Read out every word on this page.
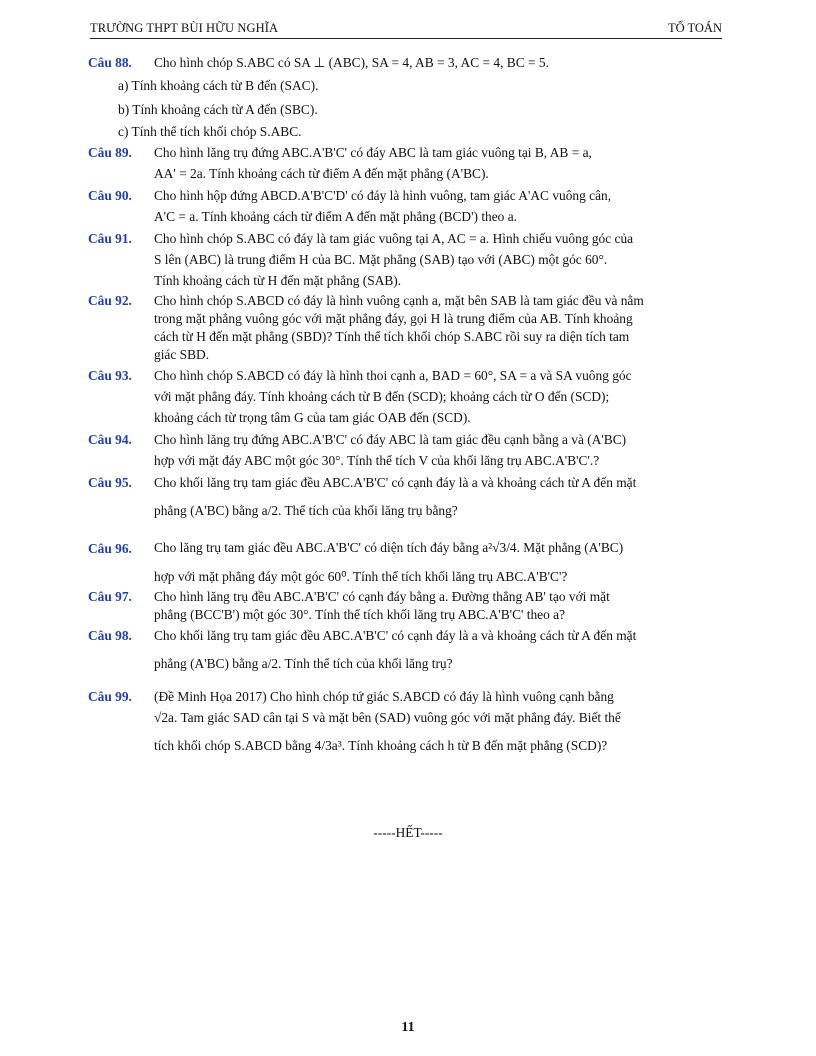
TRƯỜNG THPT BÙI HỮU NGHĨA	TỔ TOÁN
Câu 88. Cho hình chóp S.ABC có SA ⊥ (ABC), SA = 4, AB = 3, AC = 4, BC = 5.
a) Tính khoảng cách từ B đến (SAC).
b) Tính khoảng cách từ A đến (SBC).
c) Tính thể tích khối chóp S.ABC.
Câu 89. Cho hình lăng trụ đứng ABC.A'B'C' có đáy ABC là tam giác vuông tại B, AB = a,
AA' = 2a. Tính khoảng cách từ điểm A đến mặt phẳng (A'BC).
Câu 90. Cho hình hộp đứng ABCD.A'B'C'D' có đáy là hình vuông, tam giác A'AC vuông cân,
A'C = a. Tính khoảng cách từ điểm A đến mặt phẳng (BCD') theo a.
Câu 91. Cho hình chóp S.ABC có đáy là tam giác vuông tại A, AC = a. Hình chiếu vuông góc của
S lên (ABC) là trung điểm H của BC. Mặt phẳng (SAB) tạo với (ABC) một góc 60°.
Tính khoảng cách từ H đến mặt phẳng (SAB).
Câu 92. Cho hình chóp S.ABCD có đáy là hình vuông cạnh a, mặt bên SAB là tam giác đều và nằm
trong mặt phẳng vuông góc với mặt phẳng đáy, gọi H là trung điểm của AB. Tính khoảng
cách từ H đến mặt phẳng (SBD)? Tính thể tích khối chóp S.ABC rồi suy ra diện tích tam
giác SBD.
Câu 93. Cho hình chóp S.ABCD có đáy là hình thoi cạnh a, BAD = 60°, SA = a và SA vuông góc
với mặt phẳng đáy. Tính khoảng cách từ B đến (SCD); khoảng cách từ O đến (SCD);
khoảng cách từ trọng tâm G của tam giác OAB đến (SCD).
Câu 94. Cho hình lăng trụ đứng ABC.A'B'C' có đáy ABC là tam giác đều cạnh bằng a và (A'BC)
hợp với mặt đáy ABC một góc 30°. Tính thể tích V của khối lăng trụ ABC.A'B'C'.?
Câu 95. Cho khối lăng trụ tam giác đều ABC.A'B'C' có cạnh đáy là a và khoảng cách từ A đến mặt
phẳng (A'BC) bằng a/2. Thể tích của khối lăng trụ bằng?
Câu 96. Cho lăng trụ tam giác đều ABC.A'B'C' có diện tích đáy bằng a²√3/4. Mặt phẳng (A'BC)
hợp với mặt phẳng đáy một góc 60⁰. Tính thể tích khối lăng trụ ABC.A'B'C'?
Câu 97. Cho hình lăng trụ đều ABC.A'B'C' có cạnh đáy bằng a. Đường thẳng AB' tạo với mặt
phẳng (BCC'B') một góc 30°. Tính thể tích khối lăng trụ ABC.A'B'C' theo a?
Câu 98. Cho khối lăng trụ tam giác đều ABC.A'B'C' có cạnh đáy là a và khoảng cách từ A đến mặt
phẳng (A'BC) bằng a/2. Tính thể tích của khối lăng trụ?
Câu 99. (Đề Minh Họa 2017) Cho hình chóp tứ giác S.ABCD có đáy là hình vuông cạnh bằng
√2a. Tam giác SAD cân tại S và mặt bên (SAD) vuông góc với mặt phẳng đáy. Biết thể
tích khối chóp S.ABCD bằng 4/3a³. Tính khoảng cách h từ B đến mặt phẳng (SCD)?
-----HẾT-----
11
